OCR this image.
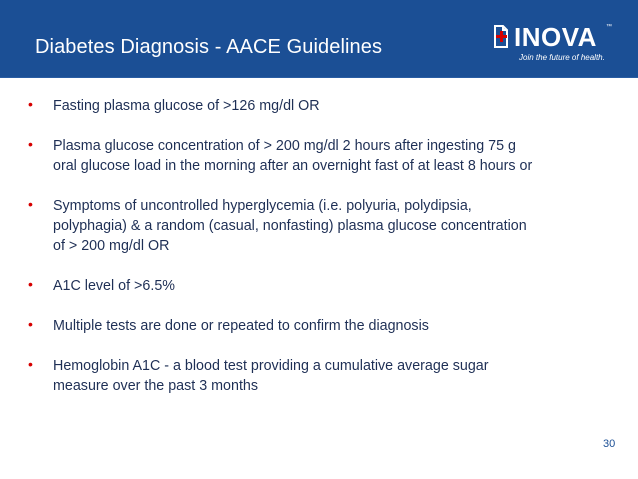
Diabetes Diagnosis - AACE Guidelines	INOVA ™
Join the future of health.
• Fasting plasma glucose of >126 mg/dl OR
• Plasma glucose concentration of > 200 mg/dl 2 hours after ingesting 75 g
oral glucose load in the morning after an overnight fast of at least 8 hours or
• Symptoms of uncontrolled hyperglycemia (i.e. polyuria, polydipsia,
polyphagia) & a random (casual, nonfasting) plasma glucose concentration
of > 200 mg/dl OR
• A1C level of >6.5%
• Multiple tests are done or repeated to confirm the diagnosis
• Hemoglobin A1C - a blood test providing a cumulative average sugar
measure over the past 3 months
30
